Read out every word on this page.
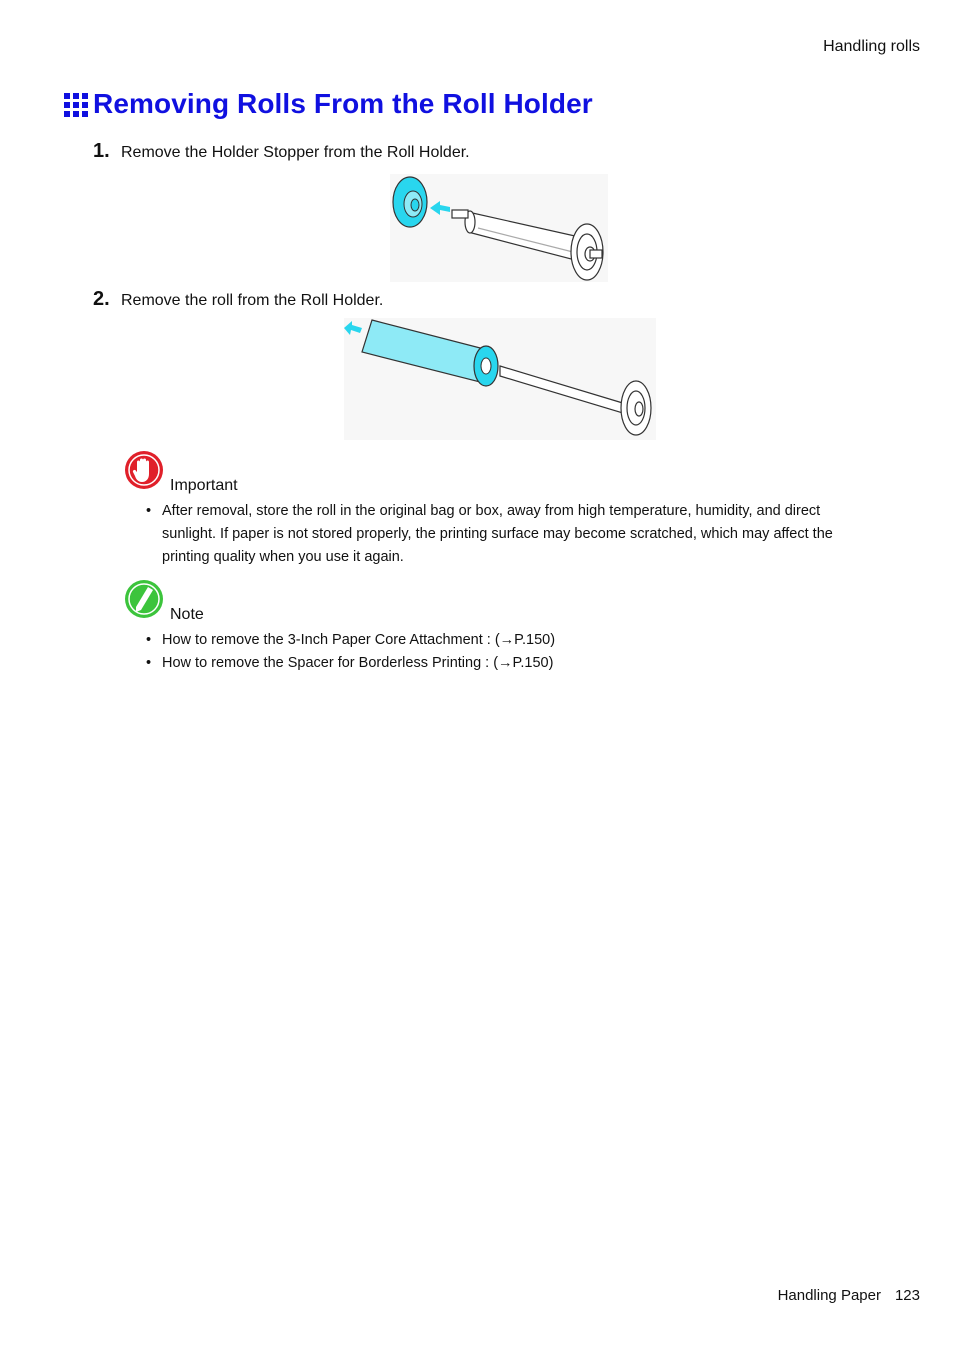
Handling rolls
Removing Rolls From the Roll Holder
1. Remove the Holder Stopper from the Roll Holder.
2. Remove the roll from the Roll Holder.
Important
• After removal, store the roll in the original bag or box, away from high temperature, humidity, and direct sunlight. If paper is not stored properly, the printing surface may become scratched, which may affect the printing quality when you use it again.
Note
• How to remove the 3-Inch Paper Core Attachment : (→P.150)
• How to remove the Spacer for Borderless Printing : (→P.150)
Handling Paper 123
